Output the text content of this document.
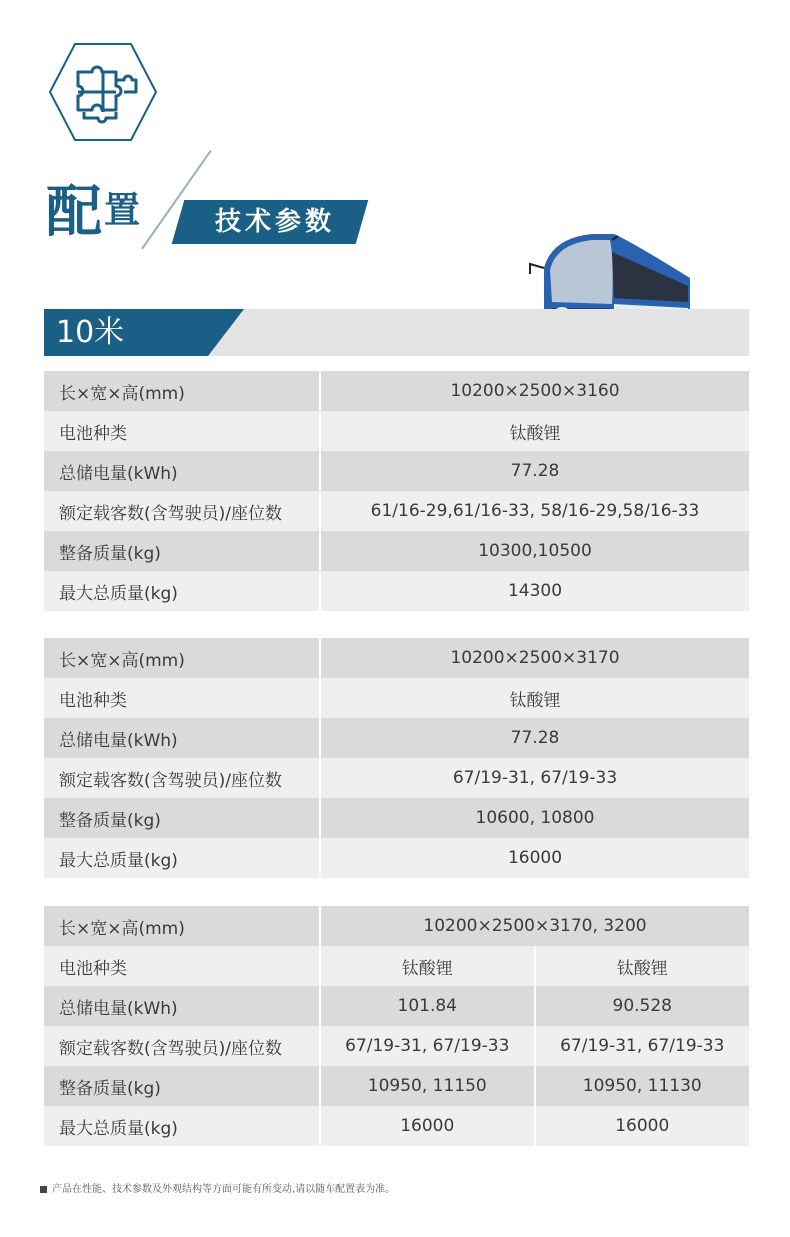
配$^置$	技术参数
10米
长×宽×高(mm)	10200×2500×3160
电池种类	钛酸锂
总储电量(kWh)	77.28
额定载客数(含驾驶员)/座位数	61/16-29,61/16-33, 58/16-29,58/16-33
整备质量(kg)	10300,10500
最大总质量(kg)	14300
长×宽×高(mm)	10200×2500×3170
电池种类	钛酸锂
总储电量(kWh)	77.28
额定载客数(含驾驶员)/座位数	67/19-31, 67/19-33
整备质量(kg)	10600, 10800
最大总质量(kg)	16000
长×宽×高(mm)	10200×2500×3170, 3200	
电池种类	钛酸锂	钛酸锂
总储电量(kWh)	101.84	90.528
额定载客数(含驾驶员)/座位数	67/19-31, 67/19-33	67/19-31, 67/19-33
整备质量(kg)	10950, 11150	10950, 11130
最大总质量(kg)	16000	16000
产品在性能、技术参数及外观结构等方面可能有所变动,请以随车配置表为准。
